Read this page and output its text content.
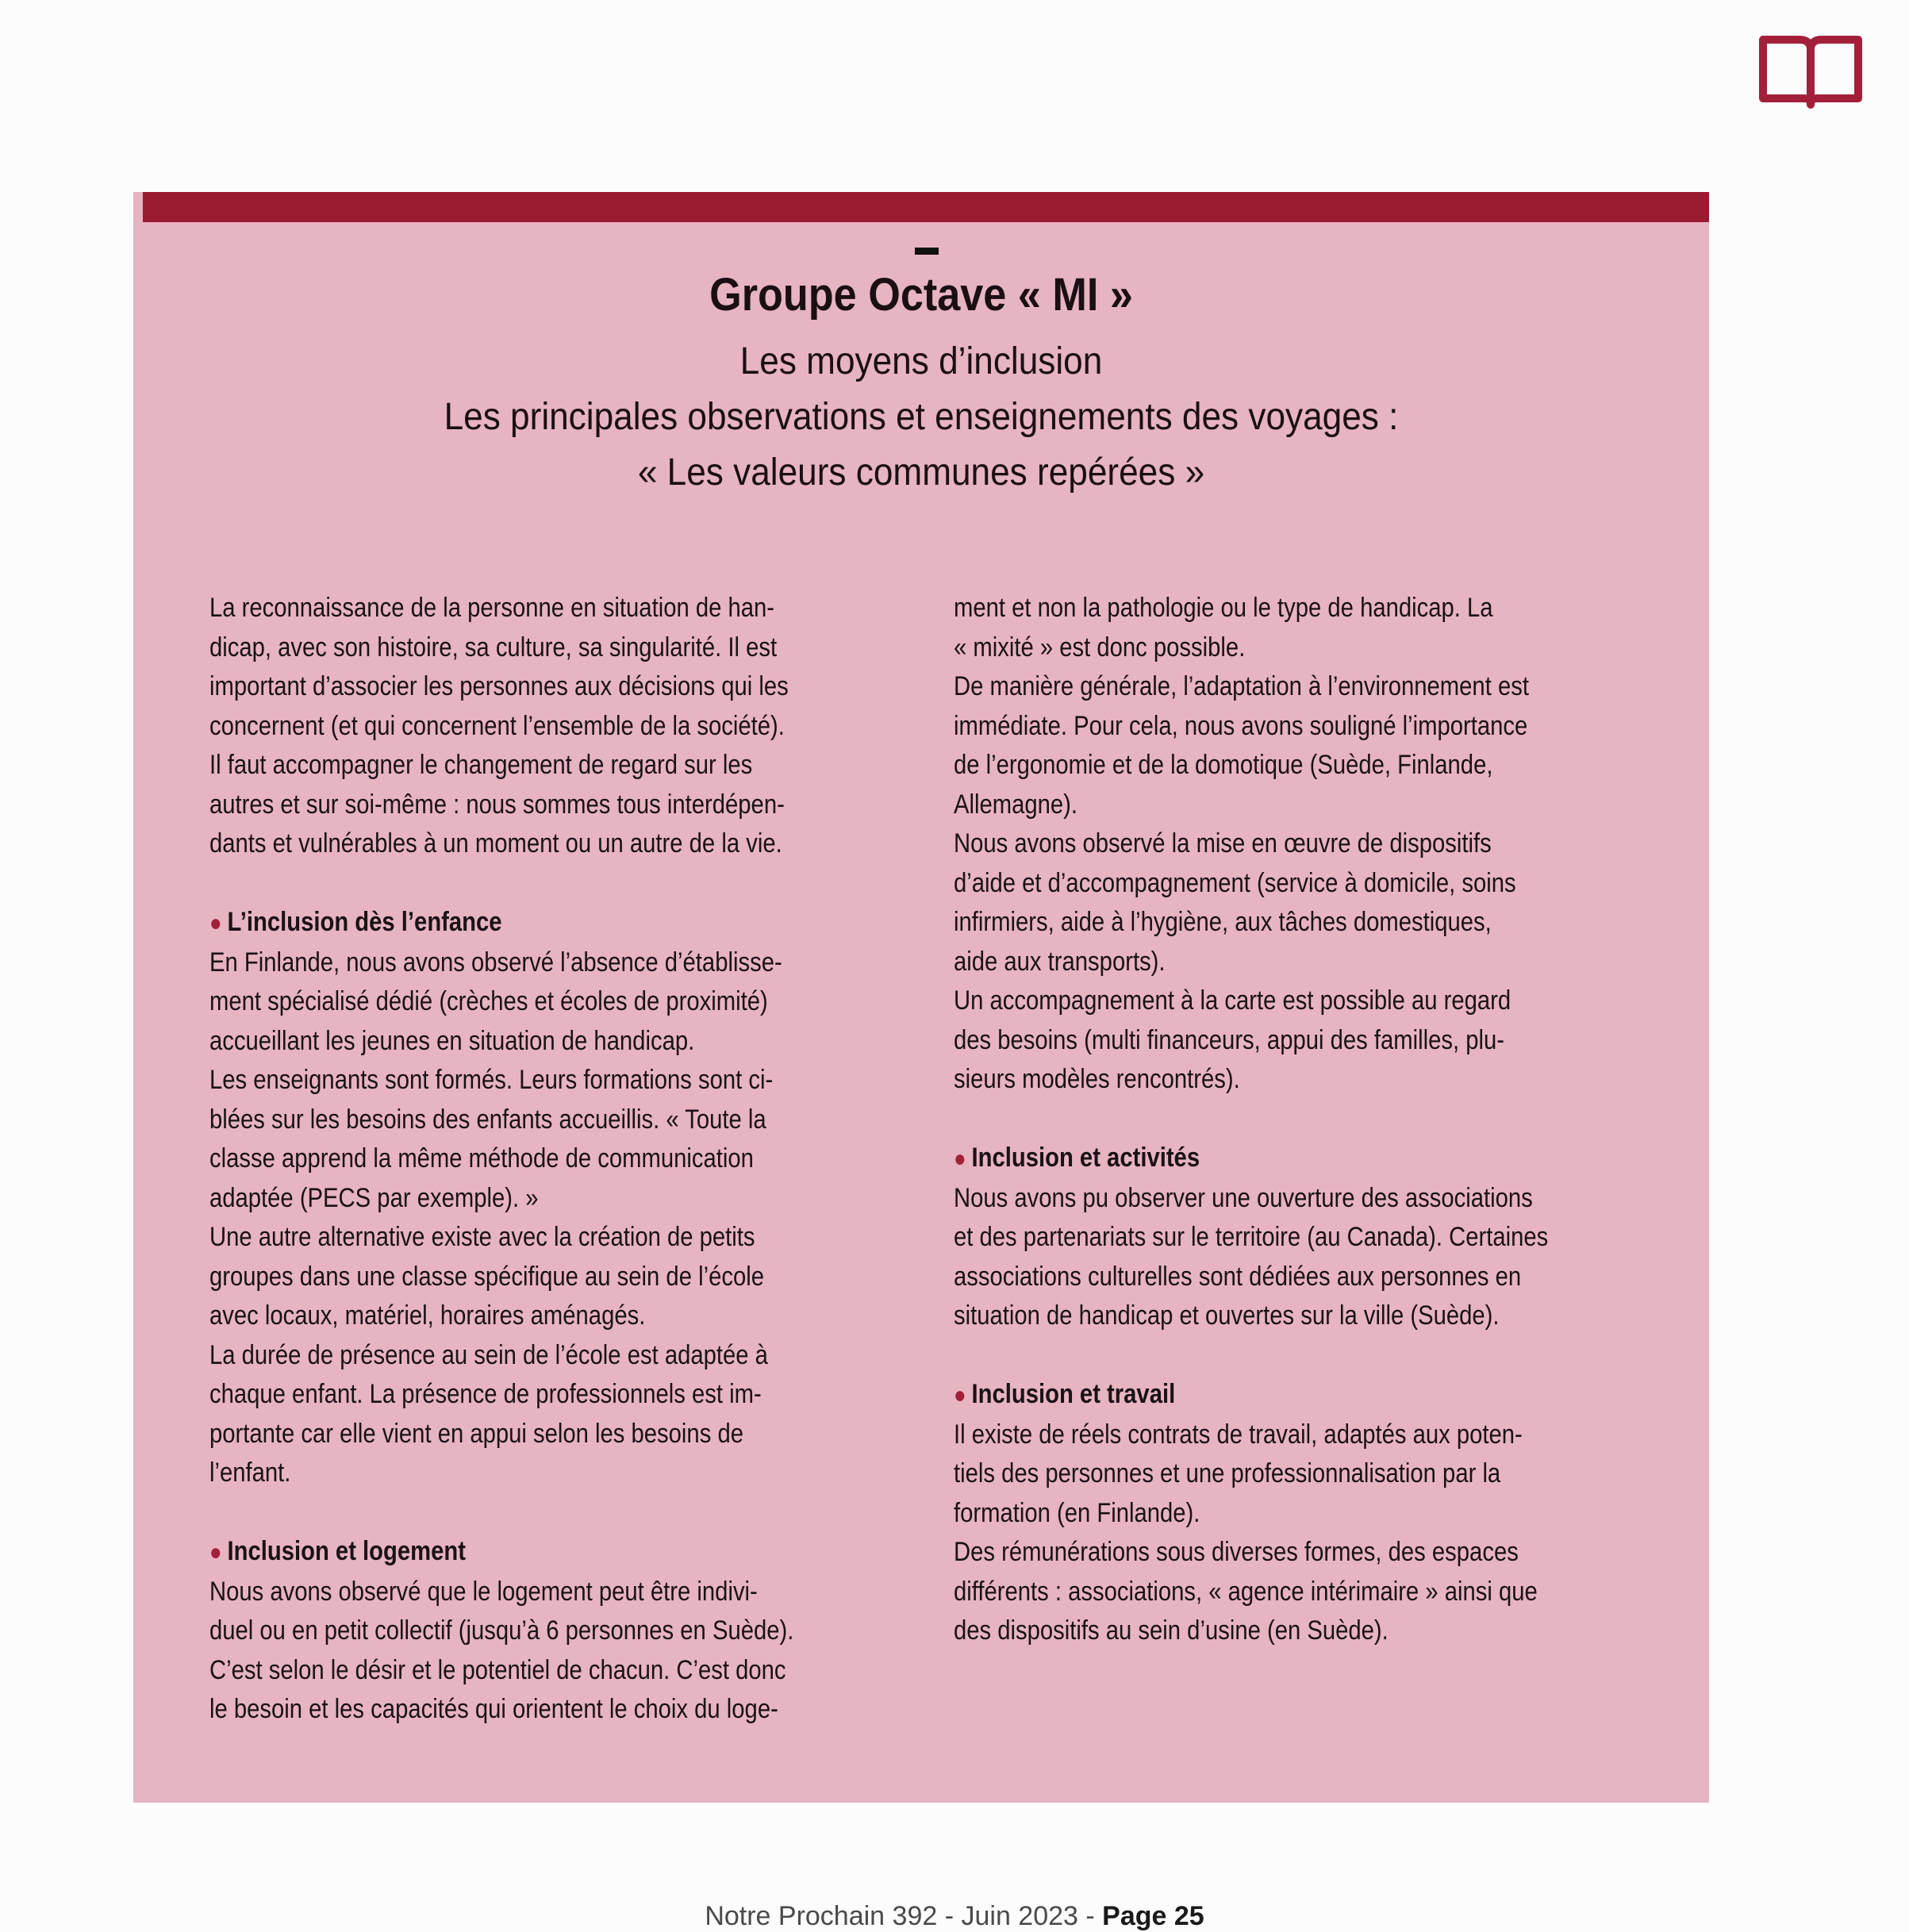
Groupe Octave « MI »
Les moyens d’inclusion
Les principales observations et enseignements des voyages :
« Les valeurs communes repérées »
La reconnaissance de la personne en situation de han-
dicap, avec son histoire, sa culture, sa singularité. Il est
important d’associer les personnes aux décisions qui les
concernent (et qui concernent l’ensemble de la société).
Il faut accompagner le changement de regard sur les
autres et sur soi-même : nous sommes tous interdépen-
dants et vulnérables à un moment ou un autre de la vie.
● L’inclusion dès l’enfance
En Finlande, nous avons observé l’absence d’établisse-
ment spécialisé dédié (crèches et écoles de proximité)
accueillant les jeunes en situation de handicap.
Les enseignants sont formés. Leurs formations sont ci-
blées sur les besoins des enfants accueillis. « Toute la
classe apprend la même méthode de communication
adaptée (PECS par exemple). »
Une autre alternative existe avec la création de petits
groupes dans une classe spécifique au sein de l’école
avec locaux, matériel, horaires aménagés.
La durée de présence au sein de l’école est adaptée à
chaque enfant. La présence de professionnels est im-
portante car elle vient en appui selon les besoins de
l’enfant.
● Inclusion et logement
Nous avons observé que le logement peut être indivi-
duel ou en petit collectif (jusqu’à 6 personnes en Suède).
C’est selon le désir et le potentiel de chacun. C’est donc
le besoin et les capacités qui orientent le choix du loge-
ment et non la pathologie ou le type de handicap. La
« mixité » est donc possible.
De manière générale, l’adaptation à l’environnement est
immédiate. Pour cela, nous avons souligné l’importance
de l’ergonomie et de la domotique (Suède, Finlande,
Allemagne).
Nous avons observé la mise en œuvre de dispositifs
d’aide et d’accompagnement (service à domicile, soins
infirmiers, aide à l’hygiène, aux tâches domestiques,
aide aux transports).
Un accompagnement à la carte est possible au regard
des besoins (multi financeurs, appui des familles, plu-
sieurs modèles rencontrés).
● Inclusion et activités
Nous avons pu observer une ouverture des associations
et des partenariats sur le territoire (au Canada). Certaines
associations culturelles sont dédiées aux personnes en
situation de handicap et ouvertes sur la ville (Suède).
● Inclusion et travail
Il existe de réels contrats de travail, adaptés aux poten-
tiels des personnes et une professionnalisation par la
formation (en Finlande).
Des rémunérations sous diverses formes, des espaces
différents : associations, « agence intérimaire » ainsi que
des dispositifs au sein d’usine (en Suède).
Notre Prochain 392 - Juin 2023 - Page 25
